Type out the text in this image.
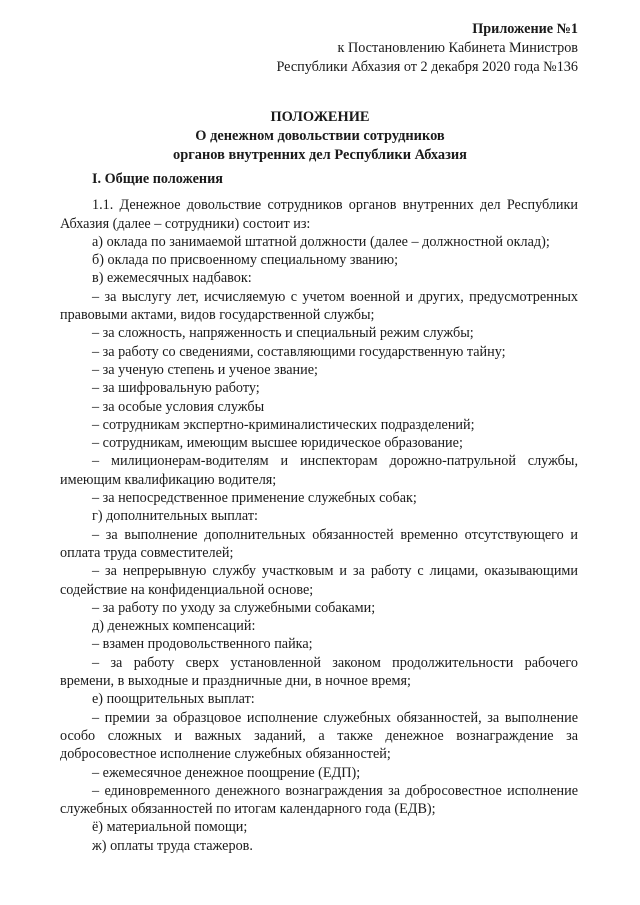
Приложение №1
к Постановлению Кабинета Министров
Республики Абхазия от 2 декабря 2020 года №136
ПОЛОЖЕНИЕ
О денежном довольствии сотрудников
органов внутренних дел Республики Абхазия
I. Общие положения

1.1. Денежное довольствие сотрудников органов внутренних дел Республики Абхазия (далее – сотрудники) состоит из:

а) оклада по занимаемой штатной должности (далее – должностной оклад);

б) оклада по присвоенному специальному званию;

в) ежемесячных надбавок:

– за выслугу лет, исчисляемую с учетом военной и других, предусмотренных правовыми актами, видов государственной службы;

– за сложность, напряженность и специальный режим службы;

– за работу со сведениями, составляющими государственную тайну;

– за ученую степень и ученое звание;

– за шифровальную работу;

– за особые условия службы

– сотрудникам экспертно-криминалистических подразделений;

– сотрудникам, имеющим высшее юридическое образование;

– милиционерам-водителям и инспекторам дорожно-патрульной службы, имеющим квалификацию водителя;

– за непосредственное применение служебных собак;

г) дополнительных выплат:

– за выполнение дополнительных обязанностей временно отсутствующего и оплата труда совместителей;

– за непрерывную службу участковым и за работу с лицами, оказывающими содействие на конфиденциальной основе;

– за работу по уходу за служебными собаками;

д) денежных компенсаций:

– взамен продовольственного пайка;

– за работу сверх установленной законом продолжительности рабочего времени, в выходные и праздничные дни, в ночное время;

е) поощрительных выплат:

– премии за образцовое исполнение служебных обязанностей, за выполнение особо сложных и важных заданий, а также денежное вознаграждение за добросовестное исполнение служебных обязанностей;

– ежемесячное денежное поощрение (ЕДП);

– единовременного денежного вознаграждения за добросовестное исполнение служебных обязанностей по итогам календарного года (ЕДВ);

ё) материальной помощи;

ж) оплаты труда стажеров.
